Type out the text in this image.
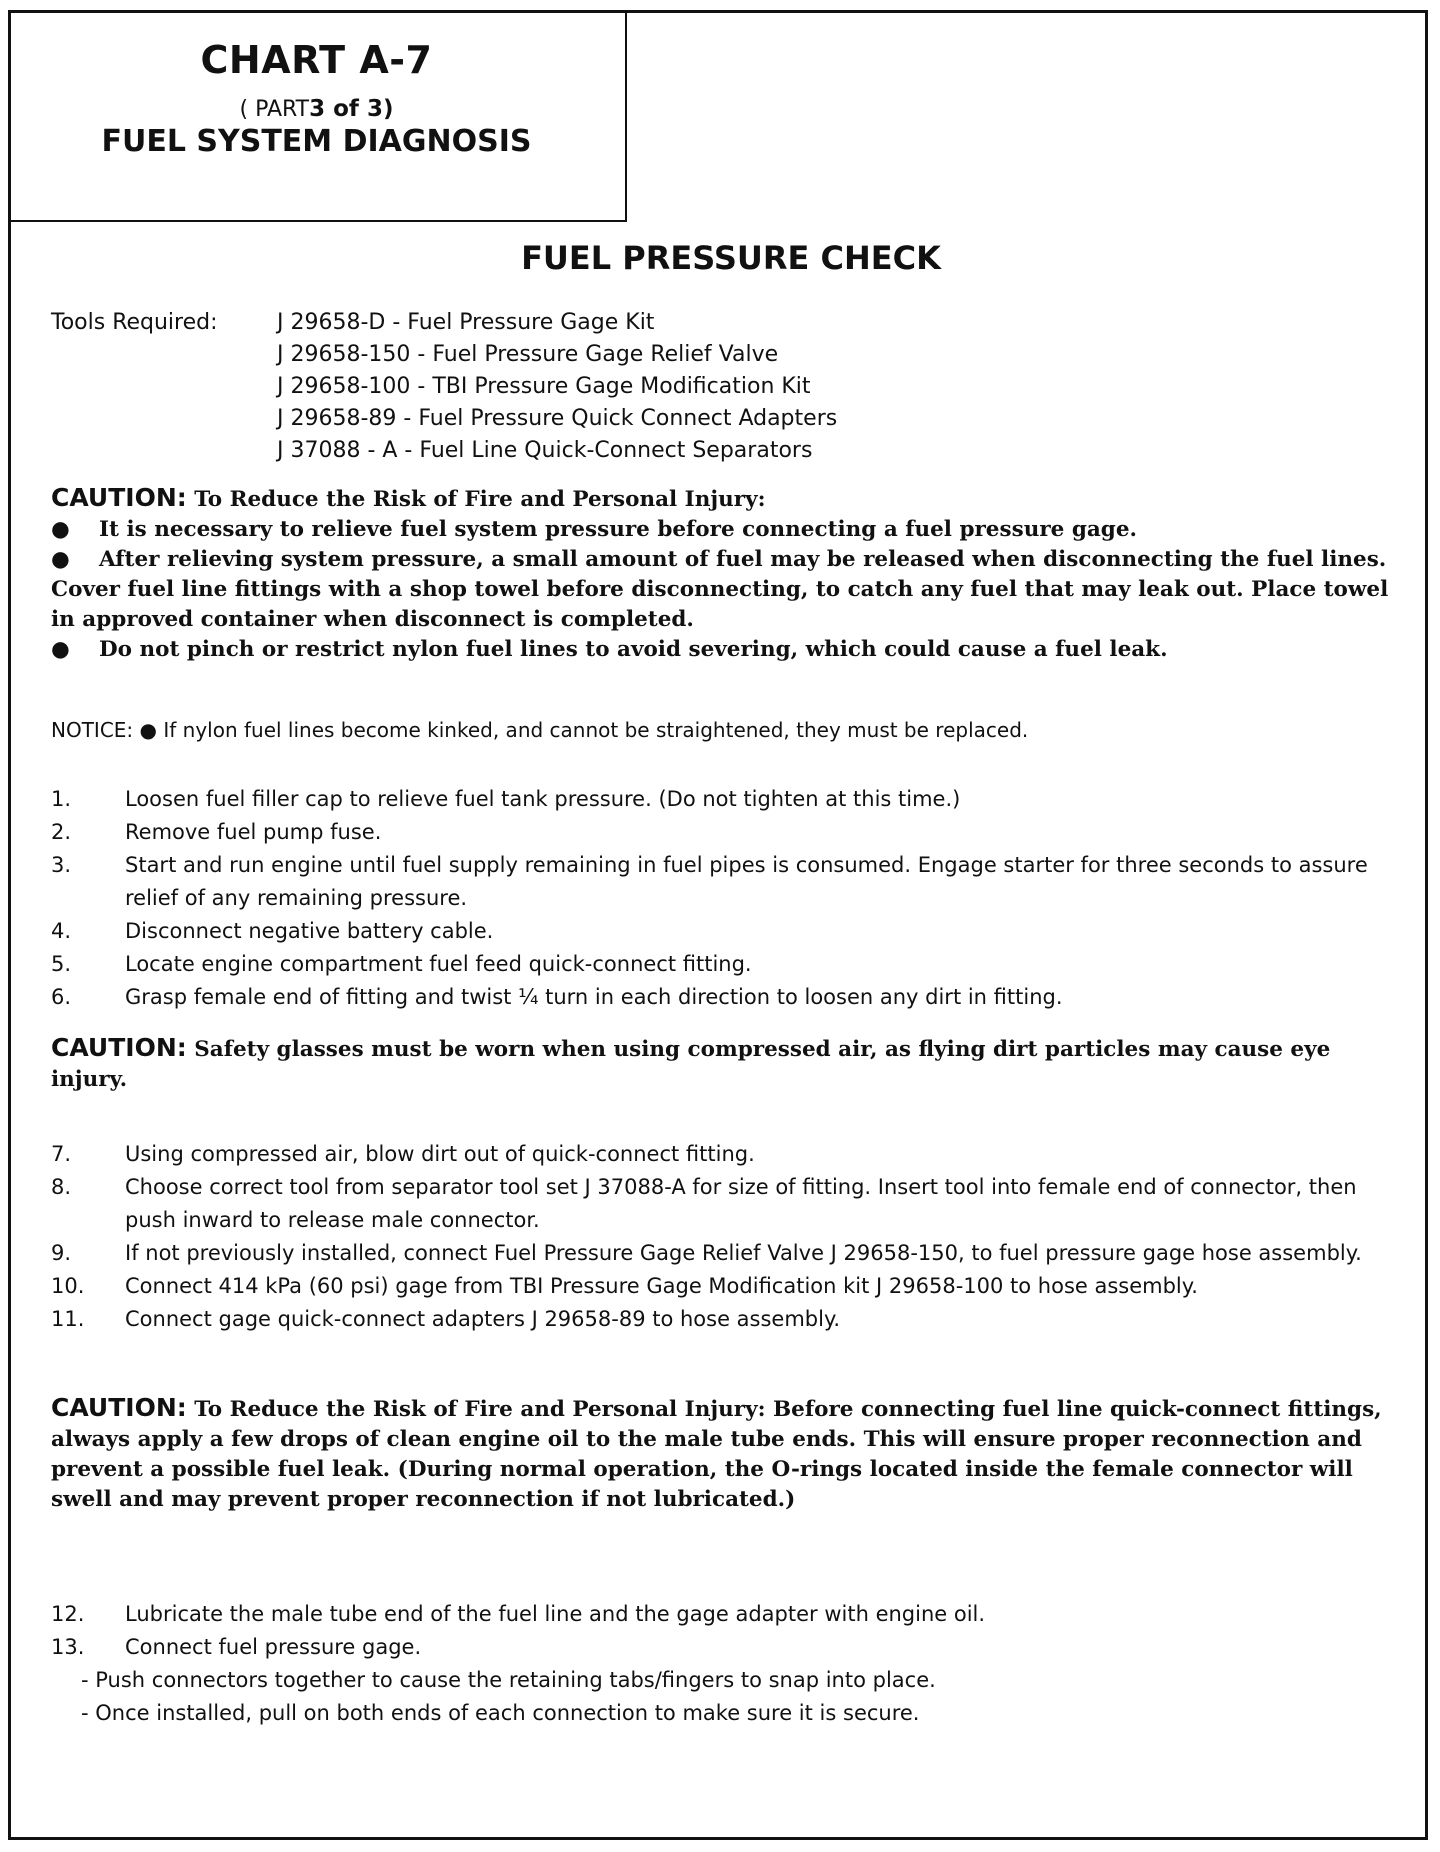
CHART A-7
( PART3 of 3)
FUEL SYSTEM DIAGNOSIS
FUEL PRESSURE CHECK
Tools Required:	J 29658-D - Fuel Pressure Gage Kit
J 29658-150 - Fuel Pressure Gage Relief Valve
J 29658-100 - TBI Pressure Gage Modification Kit
J 29658-89 - Fuel Pressure Quick Connect Adapters
J 37088 - A - Fuel Line Quick-Connect Separators
CAUTION: To Reduce the Risk of Fire and Personal Injury:
● It is necessary to relieve fuel system pressure before connecting a fuel pressure gage.
● After relieving system pressure, a small amount of fuel may be released when disconnecting the fuel lines. Cover fuel line fittings with a shop towel before disconnecting, to catch any fuel that may leak out. Place towel in approved container when disconnect is completed.
● Do not pinch or restrict nylon fuel lines to avoid severing, which could cause a fuel leak.
NOTICE: ● If nylon fuel lines become kinked, and cannot be straightened, they must be replaced.
1.	Loosen fuel filler cap to relieve fuel tank pressure. (Do not tighten at this time.)
2.	Remove fuel pump fuse.
3.	Start and run engine until fuel supply remaining in fuel pipes is consumed. Engage starter for three seconds to assure relief of any remaining pressure.
4.	Disconnect negative battery cable.
5.	Locate engine compartment fuel feed quick-connect fitting.
6.	Grasp female end of fitting and twist ¼ turn in each direction to loosen any dirt in fitting.
CAUTION: Safety glasses must be worn when using compressed air, as flying dirt particles may cause eye injury.
7.	Using compressed air, blow dirt out of quick-connect fitting.
8.	Choose correct tool from separator tool set J 37088-A for size of fitting. Insert tool into female end of connector, then push inward to release male connector.
9.	If not previously installed, connect Fuel Pressure Gage Relief Valve J 29658-150, to fuel pressure gage hose assembly.
10. Connect 414 kPa (60 psi) gage from TBI Pressure Gage Modification kit J 29658-100 to hose assembly.
11. Connect gage quick-connect adapters J 29658-89 to hose assembly.
CAUTION: To Reduce the Risk of Fire and Personal Injury: Before connecting fuel line quick-connect fittings, always apply a few drops of clean engine oil to the male tube ends. This will ensure proper reconnection and prevent a possible fuel leak. (During normal operation, the O-rings located inside the female connector will swell and may prevent proper reconnection if not lubricated.)
12. Lubricate the male tube end of the fuel line and the gage adapter with engine oil.
13. Connect fuel pressure gage.
- Push connectors together to cause the retaining tabs/fingers to snap into place.
- Once installed, pull on both ends of each connection to make sure it is secure.
